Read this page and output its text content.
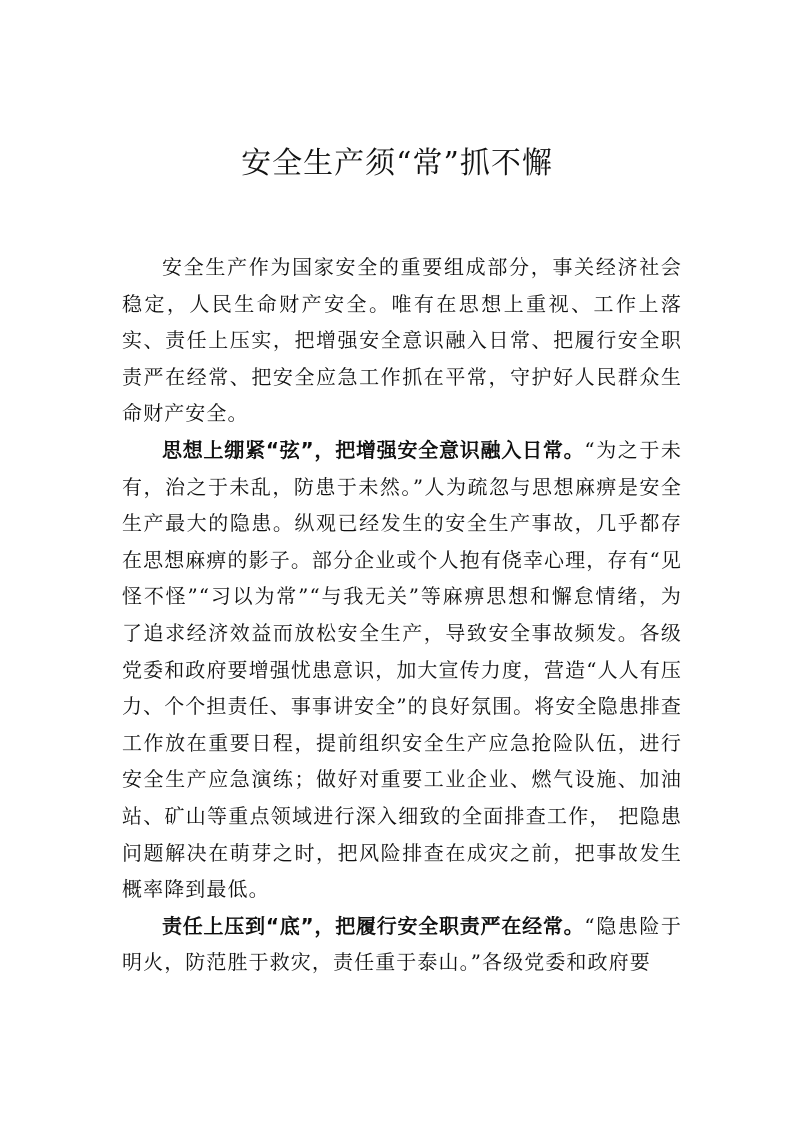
安全生产须“常”抓不懈

安全生产作为国家安全的重要组成部分，事关经济社会稳定，人民生命财产安全。唯有在思想上重视、工作上落实、责任上压实，把增强安全意识融入日常、把履行安全职责严在经常、把安全应急工作抓在平常，守护好人民群众生命财产安全。

思想上绷紧“弦”，把增强安全意识融入日常。“为之于未有，治之于未乱，防患于未然。”人为疏忽与思想麻痹是安全生产最大的隐患。纵观已经发生的安全生产事故，几乎都存在思想麻痹的影子。部分企业或个人抱有侥幸心理，存有“见怪不怪”“习以为常”“与我无关”等麻痹思想和懈怠情绪，为了追求经济效益而放松安全生产，导致安全事故频发。各级党委和政府要增强忧患意识，加大宣传力度，营造“人人有压力、个个担责任、事事讲安全”的良好氛围。将安全隐患排查工作放在重要日程，提前组织安全生产应急抢险队伍，进行安全生产应急演练；做好对重要工业企业、燃气设施、加油站、矿山等重点领域进行深入细致的全面排查工作， 把隐患问题解决在萌芽之时，把风险排查在成灾之前，把事故发生概率降到最低。

责任上压到“底”，把履行安全职责严在经常。“隐患险于明火，防范胜于救灾，责任重于泰山。”各级党委和政府要
